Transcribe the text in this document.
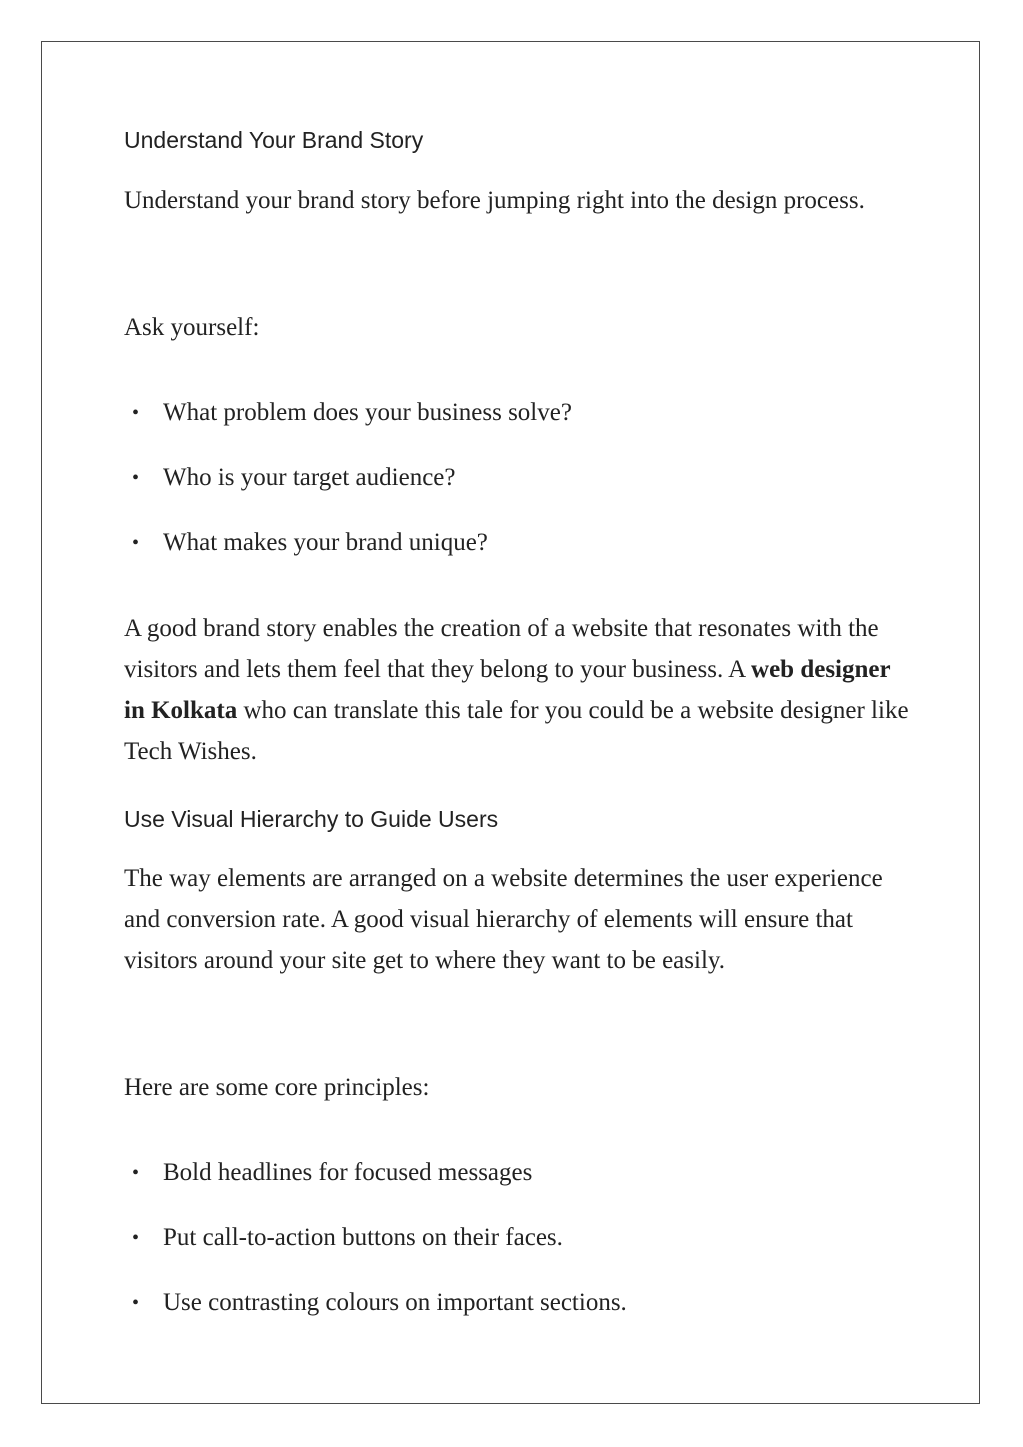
Understand Your Brand Story

Understand your brand story before jumping right into the design process.

Ask yourself:

• What problem does your business solve?
• Who is your target audience?
• What makes your brand unique?

A good brand story enables the creation of a website that resonates with the visitors and lets them feel that they belong to your business. A web designer in Kolkata who can translate this tale for you could be a website designer like Tech Wishes.

Use Visual Hierarchy to Guide Users

The way elements are arranged on a website determines the user experience and conversion rate. A good visual hierarchy of elements will ensure that visitors around your site get to where they want to be easily.

Here are some core principles:

• Bold headlines for focused messages
• Put call-to-action buttons on their faces.
• Use contrasting colours on important sections.
